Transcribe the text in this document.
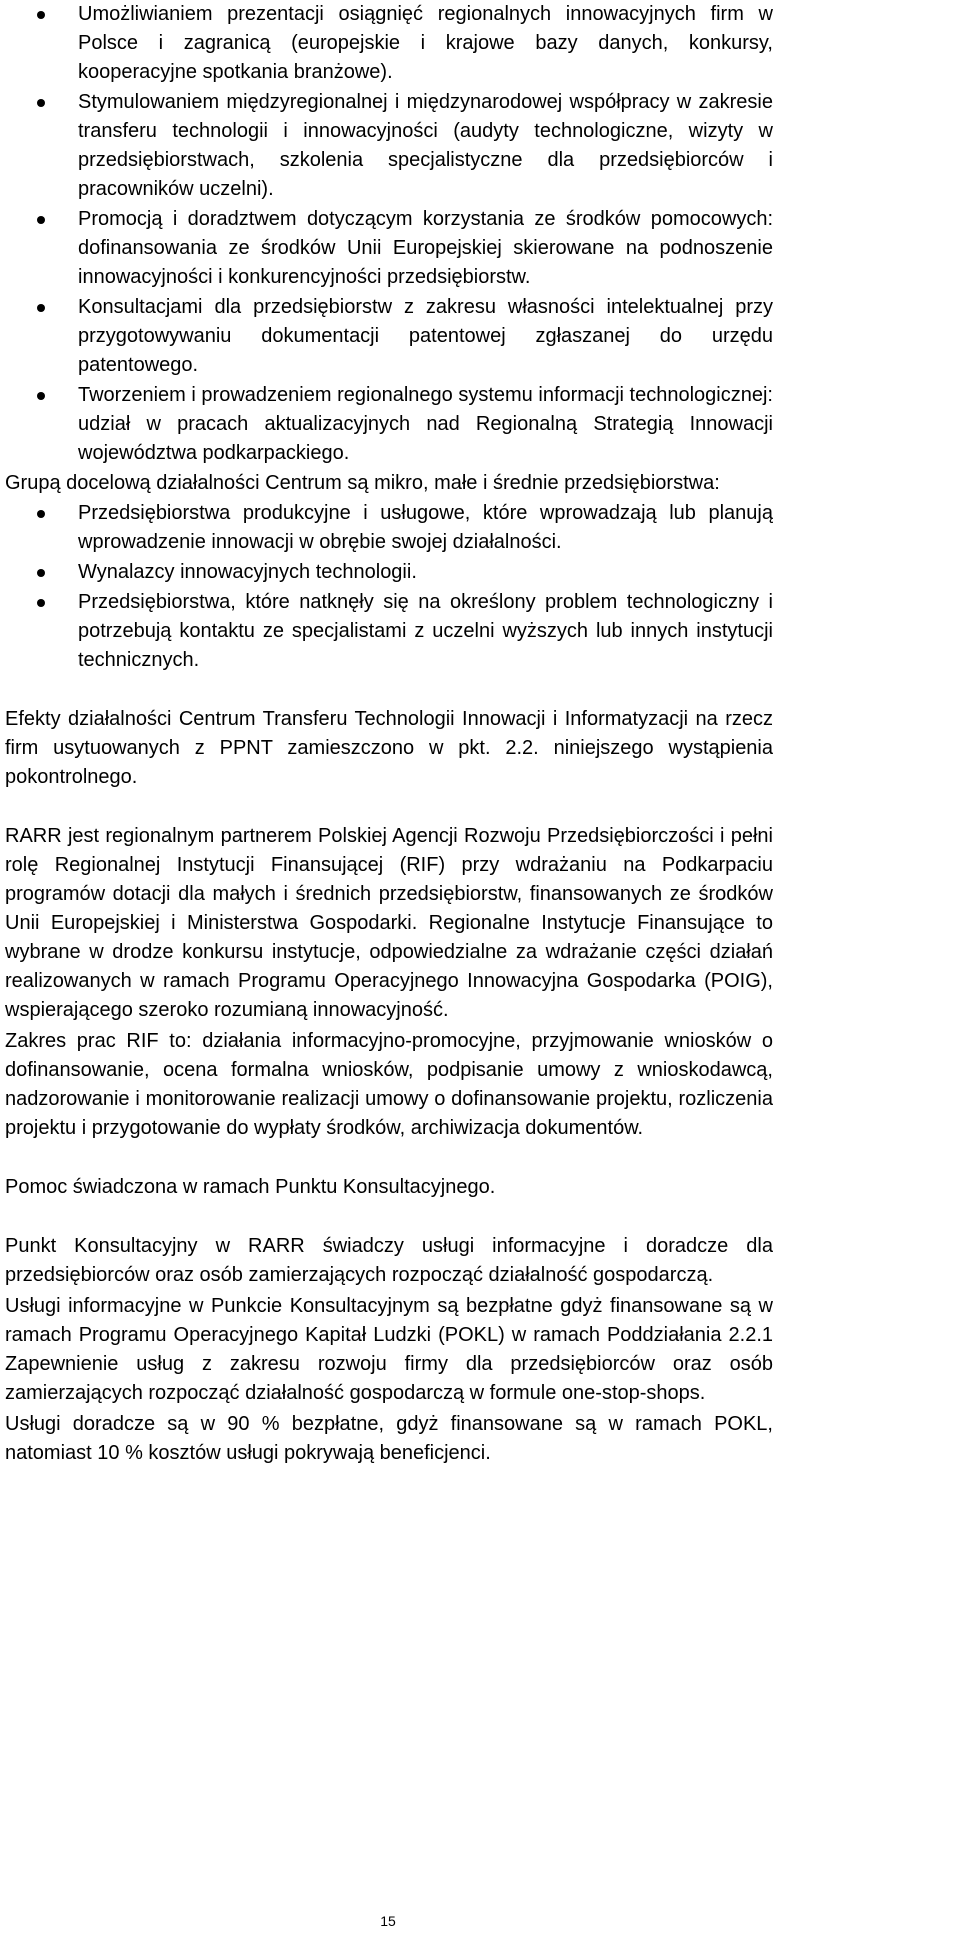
Umożliwianiem prezentacji osiągnięć regionalnych innowacyjnych firm w Polsce i zagranicą (europejskie i krajowe bazy danych, konkursy, kooperacyjne spotkania branżowe).
Stymulowaniem międzyregionalnej i międzynarodowej współpracy w zakresie transferu technologii i innowacyjności (audyty technologiczne, wizyty w przedsiębiorstwach, szkolenia specjalistyczne dla przedsiębiorców i pracowników uczelni).
Promocją i doradztwem dotyczącym korzystania ze środków pomocowych: dofinansowania ze środków Unii Europejskiej skierowane na podnoszenie innowacyjności i konkurencyjności przedsiębiorstw.
Konsultacjami dla przedsiębiorstw z zakresu własności intelektualnej przy przygotowywaniu dokumentacji patentowej zgłaszanej do urzędu patentowego.
Tworzeniem i prowadzeniem regionalnego systemu informacji technologicznej: udział w pracach aktualizacyjnych nad Regionalną Strategią Innowacji województwa podkarpackiego.

Grupą docelową działalności Centrum są mikro, małe i średnie przedsiębiorstwa:

Przedsiębiorstwa produkcyjne i usługowe, które wprowadzają lub planują wprowadzenie innowacji w obrębie swojej działalności.
Wynalazcy innowacyjnych technologii.
Przedsiębiorstwa, które natknęły się na określony problem technologiczny i potrzebują kontaktu ze specjalistami z uczelni wyższych lub innych instytucji technicznych.

Efekty działalności Centrum Transferu Technologii Innowacji i Informatyzacji na rzecz firm usytuowanych z PPNT zamieszczono w pkt. 2.2. niniejszego wystąpienia pokontrolnego.

RARR jest regionalnym partnerem Polskiej Agencji Rozwoju Przedsiębiorczości i pełni rolę Regionalnej Instytucji Finansującej (RIF) przy wdrażaniu na Podkarpaciu programów dotacji dla małych i średnich przedsiębiorstw, finansowanych ze środków Unii Europejskiej i Ministerstwa Gospodarki. Regionalne Instytucje Finansujące to wybrane w drodze konkursu instytucje, odpowiedzialne za wdrażanie części działań realizowanych w ramach Programu Operacyjnego Innowacyjna Gospodarka (POIG), wspierającego szeroko rozumianą innowacyjność.

Zakres prac RIF to: działania informacyjno-promocyjne, przyjmowanie wniosków o dofinansowanie, ocena formalna wniosków, podpisanie umowy z wnioskodawcą, nadzorowanie i monitorowanie realizacji umowy o dofinansowanie projektu, rozliczenia projektu i przygotowanie do wypłaty środków, archiwizacja dokumentów.

Pomoc świadczona w ramach Punktu Konsultacyjnego.

Punkt Konsultacyjny w RARR świadczy usługi informacyjne i doradcze dla przedsiębiorców oraz osób zamierzających rozpocząć działalność gospodarczą.

Usługi informacyjne w Punkcie Konsultacyjnym są bezpłatne gdyż finansowane są w ramach Programu Operacyjnego Kapitał Ludzki (POKL) w ramach Poddziałania 2.2.1 Zapewnienie usług z zakresu rozwoju firmy dla przedsiębiorców oraz osób zamierzających rozpocząć działalność gospodarczą w formule one-stop-shops.

Usługi doradcze są w 90 % bezpłatne, gdyż finansowane są w ramach POKL, natomiast 10 % kosztów usługi pokrywają beneficjenci.

15
